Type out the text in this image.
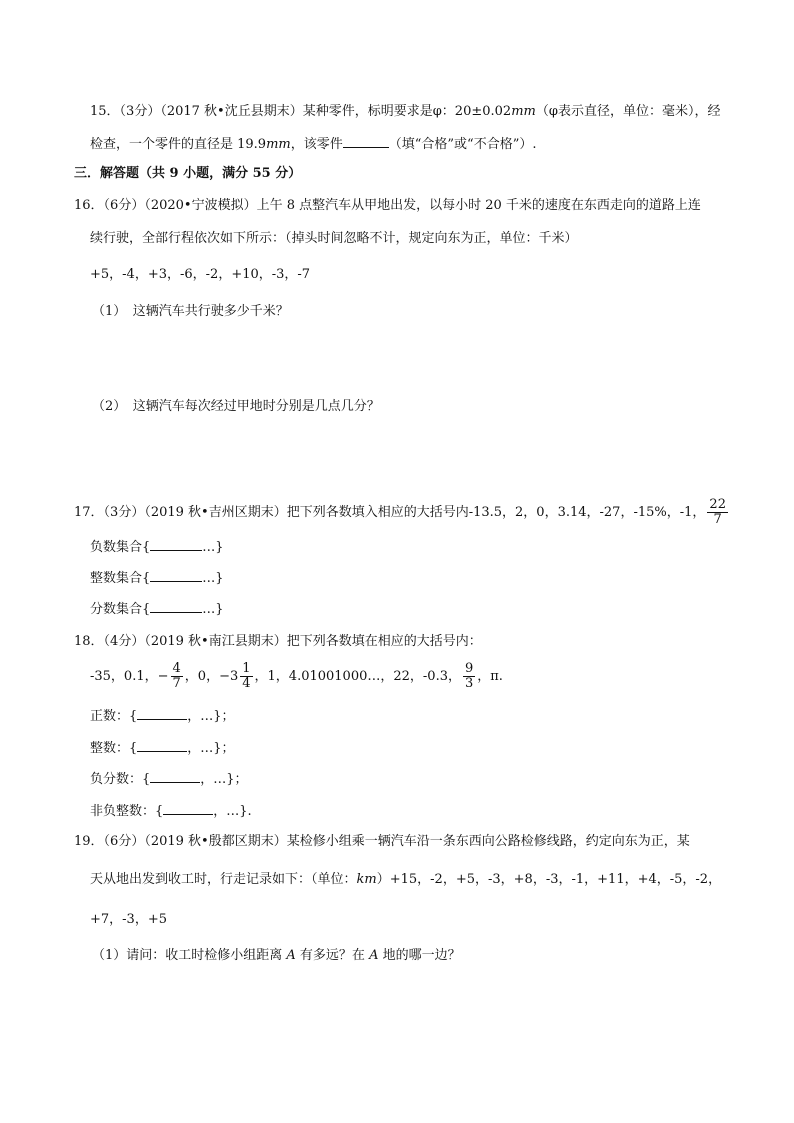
15．（3分）（2017 秋•沈丘县期末）某种零件，标明要求是φ：20±0.02mm（φ表示直径，单位：毫米），经
检查，一个零件的直径是 19.9mm，该零件	（填“合格”或“不合格”）.
三．解答题（共 9 小题，满分 55 分）
16．（6分）（2020•宁波模拟）上午 8 点整汽车从甲地出发，以每小时 20 千米的速度在东西走向的道路上连
续行驶，全部行程依次如下所示：（掉头时间忽略不计，规定向东为正，单位：千米）
+5，-4，+3，-6，-2，+10，-3，-7
（1）　这辆汽车共行驶多少千米？
（2）　这辆汽车每次经过甲地时分别是几点几分？
17．（3分）（2019 秋•吉州区期末）把下列各数填入相应的大括号内-13.5，2，0，3.14，-27，-15%，-1， $\frac{22}{7}$
负数集合{	…}
整数集合{	…}
分数集合{	…}
18．（4分）（2019 秋•南江县期末）把下列各数填在相应的大括号内：
-35，0.1，− $\frac{4}{7}$ ，0，$-3 \frac{1}{4}$ ，1，4.01001000…，22，-0.3， $\frac{9}{3}$ ，π.
正数：{	，…}；
整数：{	，…}；
负分数：{	，…}；
非负整数：{	，…}.
19．（6分）（2019 秋•殷都区期末）某检修小组乘一辆汽车沿一条东西向公路检修线路，约定向东为正，某
天从地出发到收工时，行走记录如下：（单位：km）+15，-2，+5，-3，+8，-3，-1，+11，+4，-5，-2，
+7，-3，+5
（1）请问：收工时检修小组距离 A 有多远？在 A 地的哪一边？
